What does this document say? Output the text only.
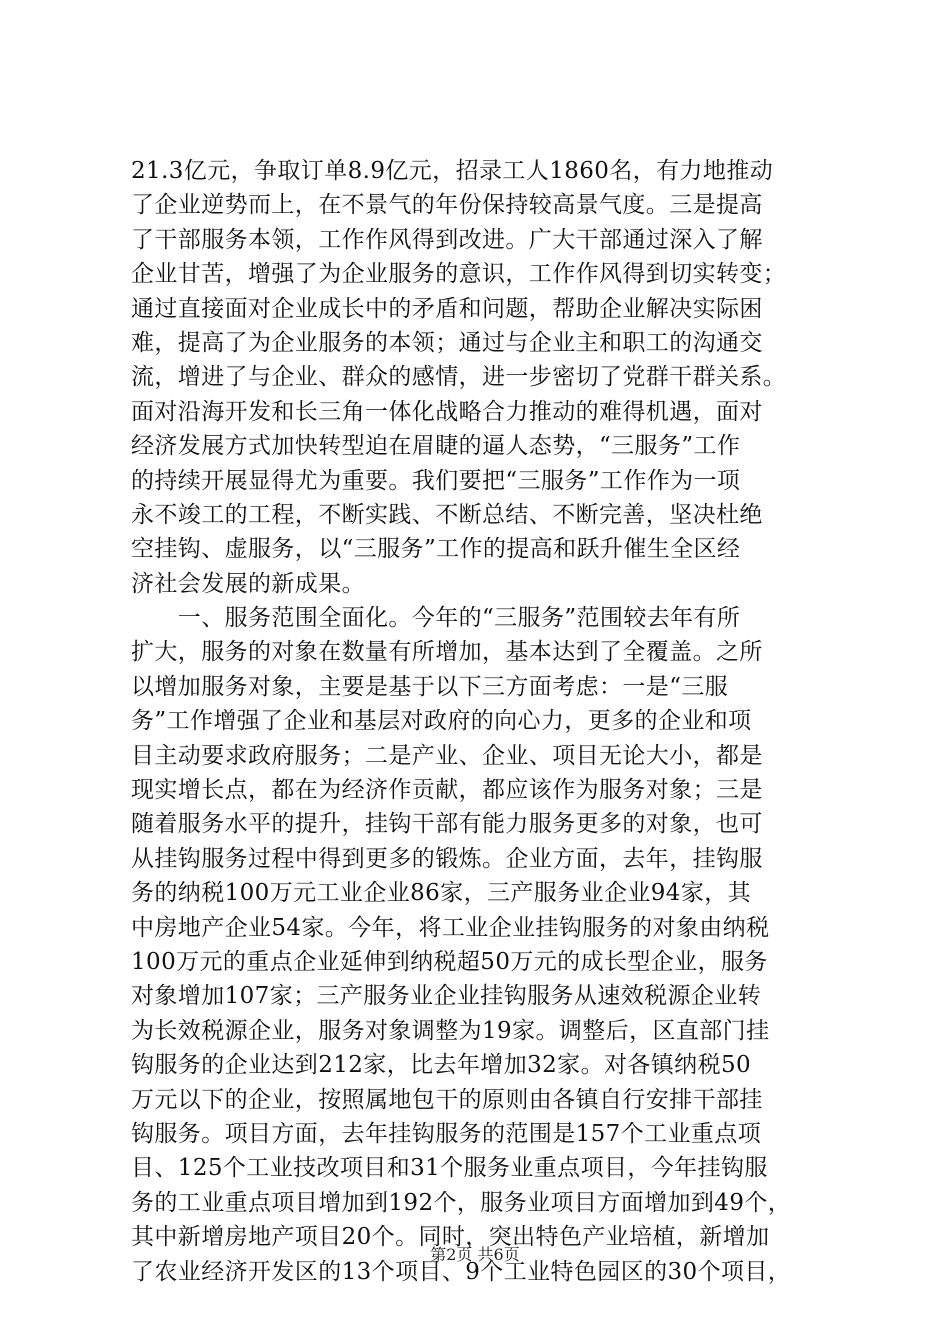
21.3亿元，争取订单8.9亿元，招录工人1860名，有力地推动
了企业逆势而上，在不景气的年份保持较高景气度。三是提高
了干部服务本领，工作作风得到改进。广大干部通过深入了解
企业甘苦，增强了为企业服务的意识，工作作风得到切实转变；
通过直接面对企业成长中的矛盾和问题，帮助企业解决实际困
难，提高了为企业服务的本领；通过与企业主和职工的沟通交
流，增进了与企业、群众的感情，进一步密切了党群干群关系。
面对沿海开发和长三角一体化战略合力推动的难得机遇，面对
经济发展方式加快转型迫在眉睫的逼人态势，“三服务”工作
的持续开展显得尤为重要。我们要把“三服务”工作作为一项
永不竣工的工程，不断实践、不断总结、不断完善，坚决杜绝
空挂钩、虚服务，以“三服务”工作的提高和跃升催生全区经
济社会发展的新成果。
　　一、服务范围全面化。今年的“三服务”范围较去年有所
扩大，服务的对象在数量有所增加，基本达到了全覆盖。之所
以增加服务对象，主要是基于以下三方面考虑：一是“三服
务”工作增强了企业和基层对政府的向心力，更多的企业和项
目主动要求政府服务；二是产业、企业、项目无论大小，都是
现实增长点，都在为经济作贡献，都应该作为服务对象；三是
随着服务水平的提升，挂钩干部有能力服务更多的对象，也可
从挂钩服务过程中得到更多的锻炼。企业方面，去年，挂钩服
务的纳税100万元工业企业86家，三产服务业企业94家，其
中房地产企业54家。今年，将工业企业挂钩服务的对象由纳税
100万元的重点企业延伸到纳税超50万元的成长型企业，服务
对象增加107家；三产服务业企业挂钩服务从速效税源企业转
为长效税源企业，服务对象调整为19家。调整后，区直部门挂
钩服务的企业达到212家，比去年增加32家。对各镇纳税50
万元以下的企业，按照属地包干的原则由各镇自行安排干部挂
钩服务。项目方面，去年挂钩服务的范围是157个工业重点项
目、125个工业技改项目和31个服务业重点项目，今年挂钩服
务的工业重点项目增加到192个，服务业项目方面增加到49个，
其中新增房地产项目20个。同时，突出特色产业培植，新增加
了农业经济开发区的13个项目、9个工业特色园区的30个项目，
第2页 共6页
